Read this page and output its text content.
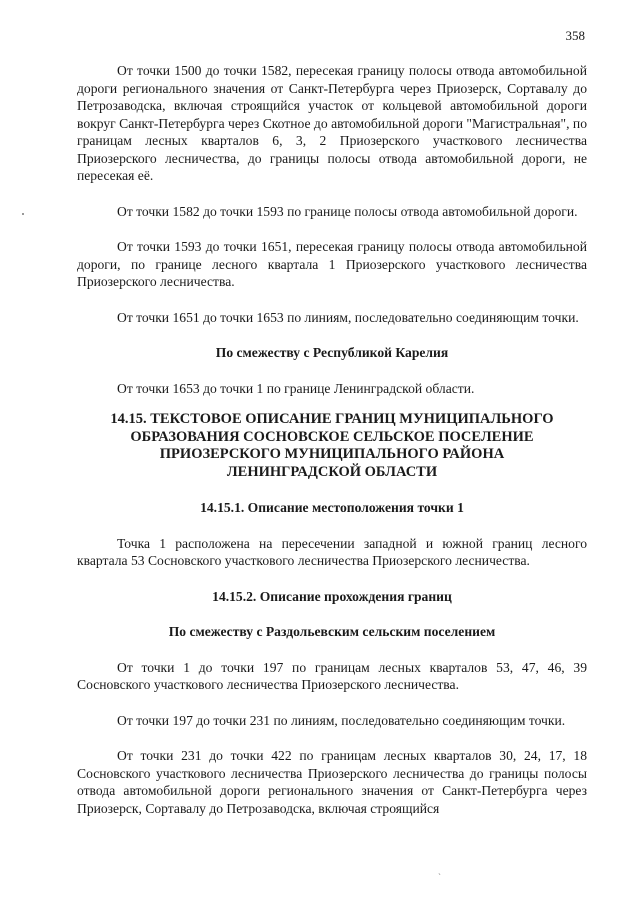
358

От точки 1500 до точки 1582, пересекая границу полосы отвода автомобильной дороги регионального значения от Санкт-Петербурга через Приозерск, Сортавалу до Петрозаводска, включая строящийся участок от кольцевой автомобильной дороги вокруг Санкт-Петербурга через Скотное до автомобильной дороги "Магистральная", по границам лесных кварталов 6, 3, 2 Приозерского участкового лесничества Приозерского лесничества, до границы полосы отвода автомобильной дороги, не пересекая её.

От точки 1582 до точки 1593 по границе полосы отвода автомобильной дороги.

От точки 1593 до точки 1651, пересекая границу полосы отвода автомобильной дороги, по границе лесного квартала 1 Приозерского участкового лесничества Приозерского лесничества.

От точки 1651 до точки 1653 по линиям, последовательно соединяющим точки.

По смежеству с Республикой Карелия

От точки 1653 до точки 1 по границе Ленинградской области.

14.15. ТЕКСТОВОЕ ОПИСАНИЕ ГРАНИЦ МУНИЦИПАЛЬНОГО
ОБРАЗОВАНИЯ СОСНОВСКОЕ СЕЛЬСКОЕ ПОСЕЛЕНИЕ
ПРИОЗЕРСКОГО МУНИЦИПАЛЬНОГО РАЙОНА
ЛЕНИНГРАДСКОЙ ОБЛАСТИ
14.15.1. Описание местоположения точки 1

Точка 1 расположена на пересечении западной и южной границ лесного квартала 53 Сосновского участкового лесничества Приозерского лесничества.

14.15.2. Описание прохождения границ
По смежеству с Раздольевским сельским поселением

От точки 1 до точки 197 по границам лесных кварталов 53, 47, 46, 39 Сосновского участкового лесничества Приозерского лесничества.

От точки 197 до точки 231 по линиям, последовательно соединяющим точки.

От точки 231 до точки 422 по границам лесных кварталов 30, 24, 17, 18 Сосновского участкового лесничества Приозерского лесничества до границы полосы отвода автомобильной дороги регионального значения от Санкт-Петербурга через Приозерск, Сортавалу до Петрозаводска, включая строящийся

`
